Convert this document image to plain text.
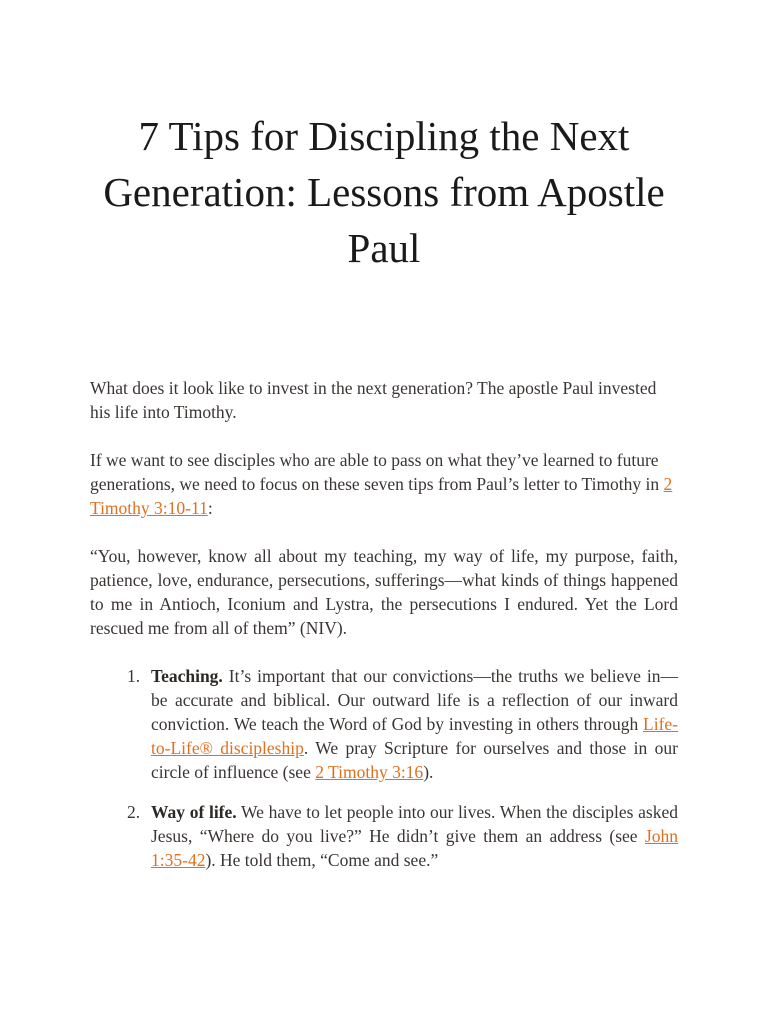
7 Tips for Discipling the Next Generation: Lessons from Apostle Paul

What does it look like to invest in the next generation? The apostle Paul invested his life into Timothy.

If we want to see disciples who are able to pass on what they’ve learned to future generations, we need to focus on these seven tips from Paul’s letter to Timothy in 2 Timothy 3:10-11:

“You, however, know all about my teaching, my way of life, my purpose, faith, patience, love, endurance, persecutions, sufferings—what kinds of things happened to me in Antioch, Iconium and Lystra, the persecutions I endured. Yet the Lord rescued me from all of them” (NIV).

1. Teaching. It’s important that our convictions—the truths we believe in—be accurate and biblical. Our outward life is a reflection of our inward conviction. We teach the Word of God by investing in others through Life-to-Life® discipleship. We pray Scripture for ourselves and those in our circle of influence (see 2 Timothy 3:16).
2. Way of life. We have to let people into our lives. When the disciples asked Jesus, “Where do you live?” He didn’t give them an address (see John 1:35-42). He told them, “Come and see.”
